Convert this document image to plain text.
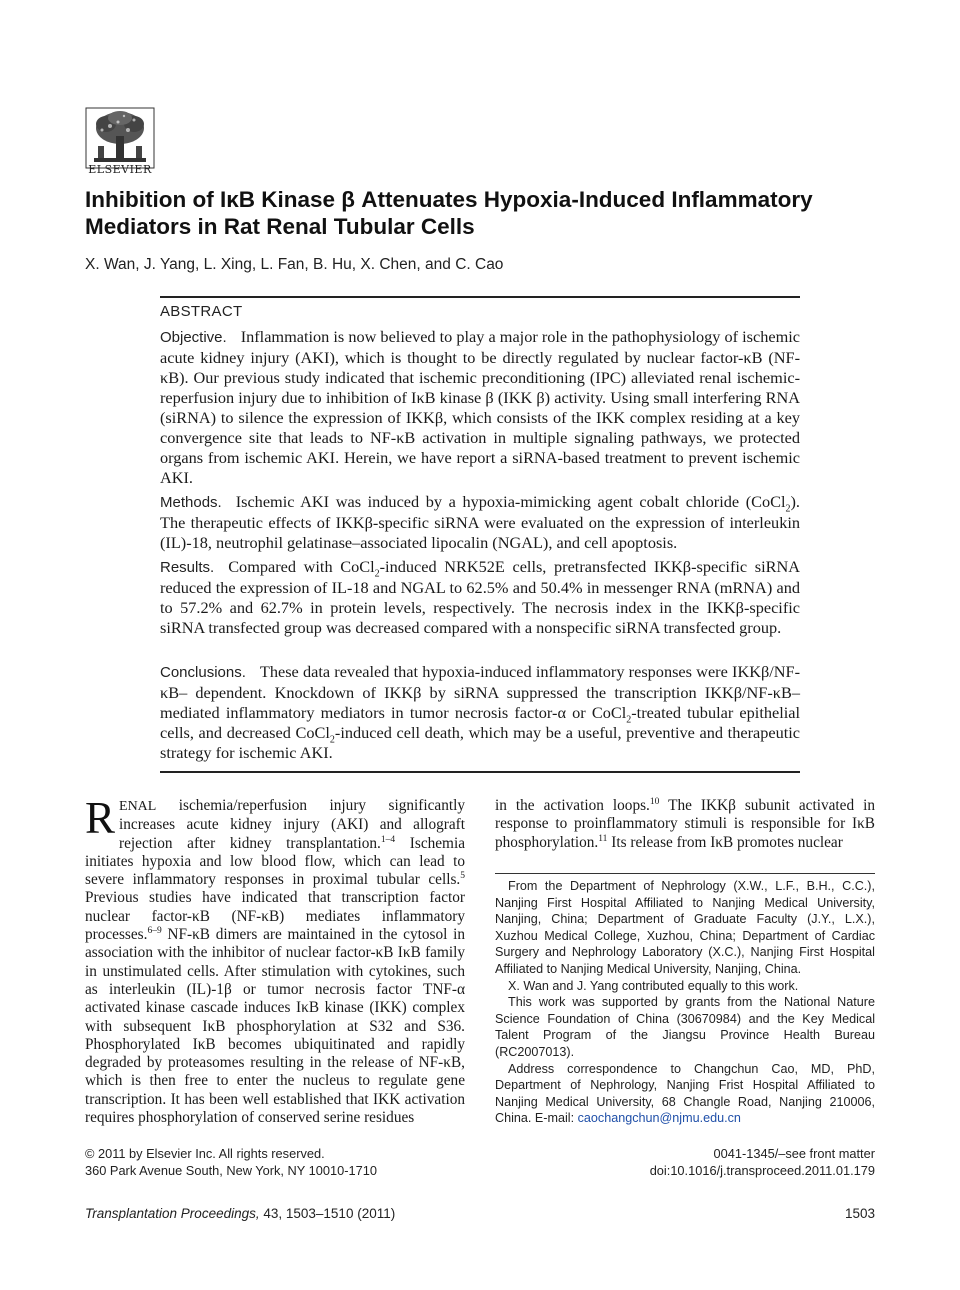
ELSEVIER
Inhibition of IκB Kinase β Attenuates Hypoxia-Induced Inflammatory Mediators in Rat Renal Tubular Cells
X. Wan, J. Yang, L. Xing, L. Fan, B. Hu, X. Chen, and C. Cao
ABSTRACT

Objective. Inflammation is now believed to play a major role in the pathophysiology of ischemic acute kidney injury (AKI), which is thought to be directly regulated by nuclear factor-κB (NF-κB). Our previous study indicated that ischemic preconditioning (IPC) alleviated renal ischemic-reperfusion injury due to inhibition of IκB kinase β (IKK β) activity. Using small interfering RNA (siRNA) to silence the expression of IKKβ, which consists of the IKK complex residing at a key convergence site that leads to NF-κB activation in multiple signaling pathways, we protected organs from ischemic AKI. Herein, we have report a siRNA-based treatment to prevent ischemic AKI.

Methods. Ischemic AKI was induced by a hypoxia-mimicking agent cobalt chloride (CoCl$_2$). The therapeutic effects of IKKβ-specific siRNA were evaluated on the expression of interleukin (IL)-18, neutrophil gelatinase–associated lipocalin (NGAL), and cell apoptosis.

Results. Compared with CoCl$_2$-induced NRK52E cells, pretransfected IKKβ-specific siRNA reduced the expression of IL-18 and NGAL to 62.5% and 50.4% in messenger RNA (mRNA) and to 57.2% and 62.7% in protein levels, respectively. The necrosis index in the IKKβ-specific siRNA transfected group was decreased compared with a nonspecific siRNA transfected group.

Conclusions. These data revealed that hypoxia-induced inflammatory responses were IKKβ/NF-κB– dependent. Knockdown of IKKβ by siRNA suppressed the transcription IKKβ/NF-κB–mediated inflammatory mediators in tumor necrosis factor-α or CoCl$_2$-treated tubular epithelial cells, and decreased CoCl$_2$-induced cell death, which may be a useful, preventive and therapeutic strategy for ischemic AKI.

RENAL ischemia/reperfusion injury significantly increases acute kidney injury (AKI) and allograft rejection after kidney transplantation.$^{1-4}$ Ischemia initiates hypoxia and low blood flow, which can lead to severe inflammatory responses in proximal tubular cells.$^5$ Previous studies have indicated that transcription factor nuclear factor-κB (NF-κB) mediates inflammatory processes.$^{6-9}$ NF-κB dimers are maintained in the cytosol in association with the inhibitor of nuclear factor-κB IκB family in unstimulated cells. After stimulation with cytokines, such as interleukin (IL)-1β or tumor necrosis factor TNF-α activated kinase cascade induces IκB kinase (IKK) complex with subsequent IκB phosphorylation at S32 and S36. Phosphorylated IκB becomes ubiquitinated and rapidly degraded by proteasomes resulting in the release of NF-κB, which is then free to enter the nucleus to regulate gene transcription. It has been well established that IKK activation requires phosphorylation of conserved serine residues

in the activation loops.$^{10}$ The IKKβ subunit activated in response to proinflammatory stimuli is responsible for IκB phosphorylation.$^{11}$ Its release from IκB promotes nuclear

From the Department of Nephrology (X.W., L.F., B.H., C.C.), Nanjing First Hospital Affiliated to Nanjing Medical University, Nanjing, China; Department of Graduate Faculty (J.Y., L.X.), Xuzhou Medical College, Xuzhou, China; Department of Cardiac Surgery and Nephrology Laboratory (X.C.), Nanjing First Hospital Affiliated to Nanjing Medical University, Nanjing, China.

X. Wan and J. Yang contributed equally to this work.

This work was supported by grants from the National Nature Science Foundation of China (30670984) and the Key Medical Talent Program of the Jiangsu Province Health Bureau (RC2007013).

Address correspondence to Changchun Cao, MD, PhD, Department of Nephrology, Nanjing Frist Hospital Affiliated to Nanjing Medical University, 68 Changle Road, Nanjing 210006, China. E-mail: caochangchun@njmu.edu.cn

© 2011 by Elsevier Inc. All rights reserved.
360 Park Avenue South, New York, NY 10010-1710
0041-1345/–see front matter
doi:10.1016/j.transproceed.2011.01.179
Transplantation Proceedings, 43, 1503–1510 (2011)	1503
